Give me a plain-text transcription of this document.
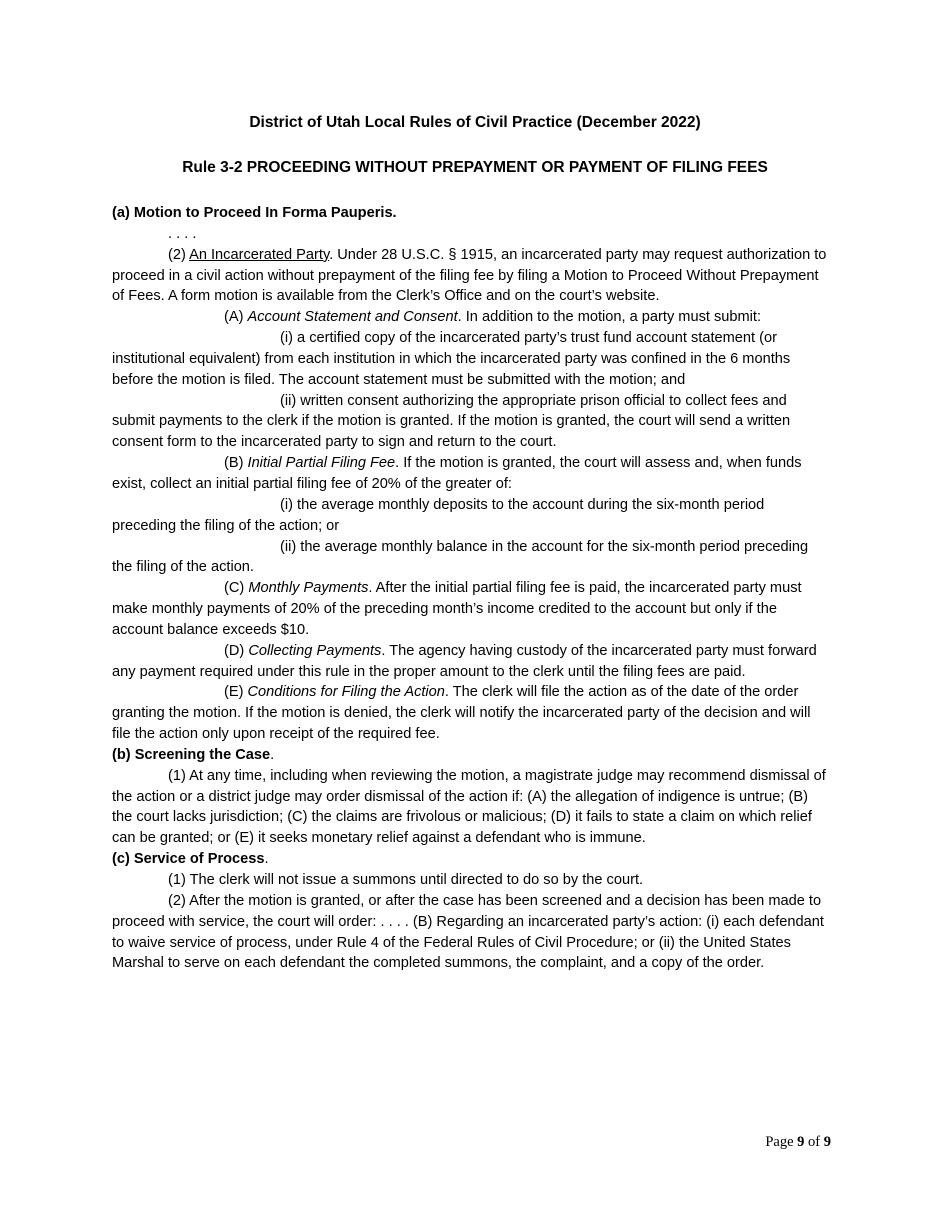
District of Utah Local Rules of Civil Practice (December 2022)
Rule 3-2 PROCEEDING WITHOUT PREPAYMENT OR PAYMENT OF FILING FEES

(a) Motion to Proceed In Forma Pauperis.

. . . .

(2) An Incarcerated Party. Under 28 U.S.C. § 1915, an incarcerated party may request authorization to proceed in a civil action without prepayment of the filing fee by filing a Motion to Proceed Without Prepayment of Fees. A form motion is available from the Clerk’s Office and on the court’s website.

(A) Account Statement and Consent. In addition to the motion, a party must submit:

(i) a certified copy of the incarcerated party’s trust fund account statement (or institutional equivalent) from each institution in which the incarcerated party was confined in the 6 months before the motion is filed. The account statement must be submitted with the motion; and

(ii) written consent authorizing the appropriate prison official to collect fees and submit payments to the clerk if the motion is granted. If the motion is granted, the court will send a written consent form to the incarcerated party to sign and return to the court.

(B) Initial Partial Filing Fee. If the motion is granted, the court will assess and, when funds exist, collect an initial partial filing fee of 20% of the greater of:

(i) the average monthly deposits to the account during the six-month period preceding the filing of the action; or

(ii) the average monthly balance in the account for the six-month period preceding the filing of the action.

(C) Monthly Payments. After the initial partial filing fee is paid, the incarcerated party must make monthly payments of 20% of the preceding month’s income credited to the account but only if the account balance exceeds $10.

(D) Collecting Payments. The agency having custody of the incarcerated party must forward any payment required under this rule in the proper amount to the clerk until the filing fees are paid.

(E) Conditions for Filing the Action. The clerk will file the action as of the date of the order granting the motion. If the motion is denied, the clerk will notify the incarcerated party of the decision and will file the action only upon receipt of the required fee.

(b) Screening the Case.

(1) At any time, including when reviewing the motion, a magistrate judge may recommend dismissal of the action or a district judge may order dismissal of the action if: (A) the allegation of indigence is untrue; (B) the court lacks jurisdiction; (C) the claims are frivolous or malicious; (D) it fails to state a claim on which relief can be granted; or (E) it seeks monetary relief against a defendant who is immune.

(c) Service of Process.

(1) The clerk will not issue a summons until directed to do so by the court.

(2) After the motion is granted, or after the case has been screened and a decision has been made to proceed with service, the court will order: . . . . (B) Regarding an incarcerated party’s action: (i) each defendant to waive service of process, under Rule 4 of the Federal Rules of Civil Procedure; or (ii) the United States Marshal to serve on each defendant the completed summons, the complaint, and a copy of the order.

Page 9 of 9
